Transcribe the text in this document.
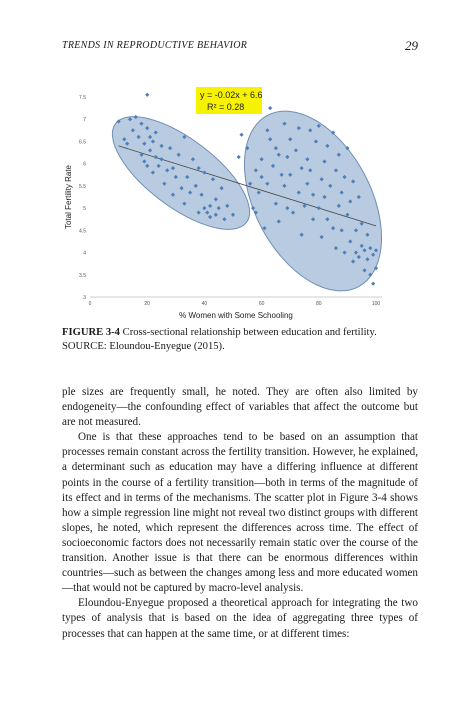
TRENDS IN REPRODUCTIVE BEHAVIOR	29
3
3.5
4
4.5
5
5.5
6
6.5
7
7.5
0	20	40	60	80	100
y = -0.02x + 6.6
R² = 0.28
% Women with Some Schooling
Total Fertility Rate
FIGURE 3-4 Cross-sectional relationship between education and fertility.
SOURCE: Eloundou-Enyegue (2015).

ple sizes are frequently small, he noted. They are often also limited by endogeneity—the confounding effect of variables that affect the outcome but are not measured.

One is that these approaches tend to be based on an assumption that processes remain constant across the fertility transition. However, he explained, a determinant such as education may have a differing influence at different points in the course of a fertility transition—both in terms of the magnitude of its effect and in terms of the mechanisms. The scatter plot in Figure 3-4 shows how a simple regression line might not reveal two distinct groups with different slopes, he noted, which represent the differences across time. The effect of socioeconomic factors does not necessarily remain static over the course of the transition. Another issue is that there can be enormous differences within countries—such as between the changes among less and more educated women—that would not be captured by macro-level analysis.

Eloundou-Enyegue proposed a theoretical approach for integrating the two types of analysis that is based on the idea of aggregating three types of processes that can happen at the same time, or at different times:
